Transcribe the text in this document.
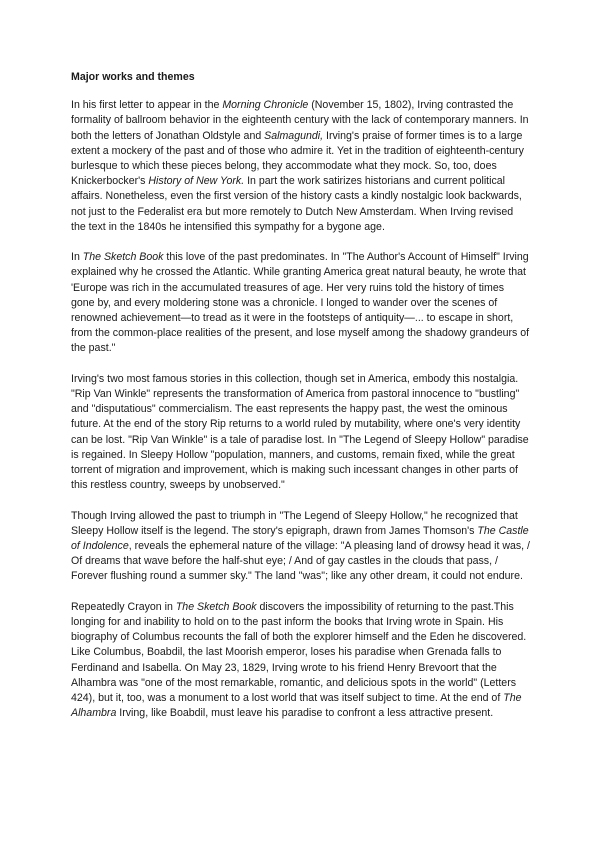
Major works and themes

In his first letter to appear in the Morning Chronicle (November 15, 1802), Irving contrasted the formality of ballroom behavior in the eighteenth century with the lack of contemporary manners. In both the letters of Jonathan Oldstyle and Salmagundi, Irving's praise of former times is to a large extent a mockery of the past and of those who admire it. Yet in the tradition of eighteenth-century burlesque to which these pieces belong, they accommodate what they mock. So, too, does Knickerbocker's History of New York. In part the work satirizes historians and current political affairs. Nonetheless, even the first version of the history casts a kindly nostalgic look backwards, not just to the Federalist era but more remotely to Dutch New Amsterdam. When Irving revised the text in the 1840s he intensified this sympathy for a bygone age.

In The Sketch Book this love of the past predominates. In "The Author's Account of Himself" Irving explained why he crossed the Atlantic. While granting America great natural beauty, he wrote that 'Europe was rich in the accumulated treasures of age. Her very ruins told the history of times gone by, and every moldering stone was a chronicle. I longed to wander over the scenes of renowned achievement—to tread as it were in the footsteps of antiquity—... to escape in short, from the common-place realities of the present, and lose myself among the shadowy grandeurs of the past."

Irving's two most famous stories in this collection, though set in America, embody this nostalgia. "Rip Van Winkle" represents the transformation of America from pastoral innocence to "bustling" and "disputatious" commercialism. The east represents the happy past, the west the ominous future. At the end of the story Rip returns to a world ruled by mutability, where one's very identity can be lost. "Rip Van Winkle" is a tale of paradise lost. In "The Legend of Sleepy Hollow" paradise is regained. In Sleepy Hollow "population, manners, and customs, remain fixed, while the great torrent of migration and improvement, which is making such incessant changes in other parts of this restless country, sweeps by unobserved."

Though Irving allowed the past to triumph in "The Legend of Sleepy Hollow," he recognized that Sleepy Hollow itself is the legend. The story's epigraph, drawn from James Thomson's The Castle of Indolence, reveals the ephemeral nature of the village: "A pleasing land of drowsy head it was, / Of dreams that wave before the half-shut eye; / And of gay castles in the clouds that pass, / Forever flushing round a summer sky." The land "was"; like any other dream, it could not endure.

Repeatedly Crayon in The Sketch Book discovers the impossibility of returning to the past.This longing for and inability to hold on to the past inform the books that Irving wrote in Spain. His biography of Columbus recounts the fall of both the explorer himself and the Eden he discovered. Like Columbus, Boabdil, the last Moorish emperor, loses his paradise when Grenada falls to Ferdinand and Isabella. On May 23, 1829, Irving wrote to his friend Henry Brevoort that the Alhambra was "one of the most remarkable, romantic, and delicious spots in the world" (Letters 424), but it, too, was a monument to a lost world that was itself subject to time. At the end of The Alhambra Irving, like Boabdil, must leave his paradise to confront a less attractive present.
